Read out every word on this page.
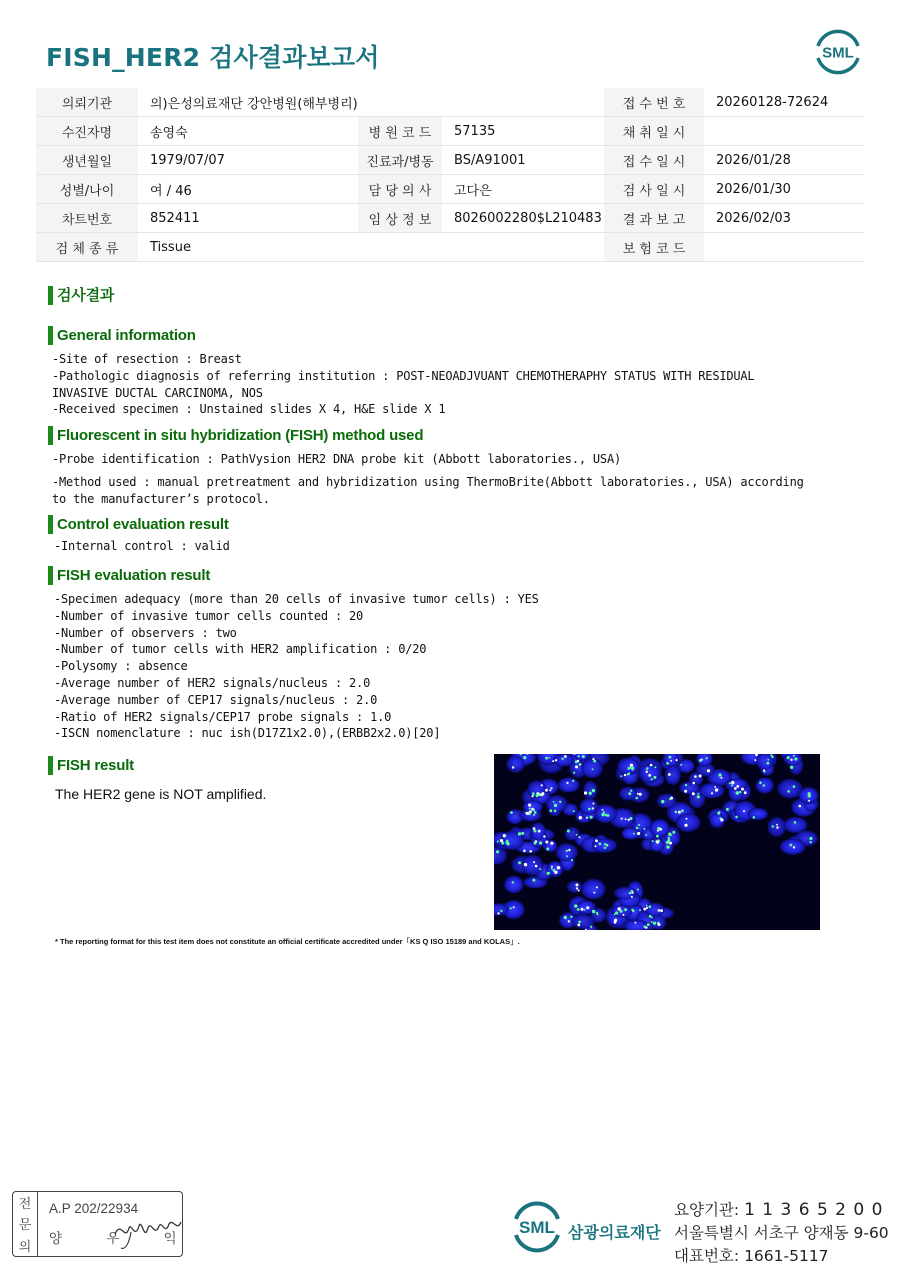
FISH_HER2 검사결과보고서	SML
의뢰기관	의)은성의료재단 강안병원(해부병리)			접 수 번 호	20260128-72624
수진자명	송영숙	병 원 코 드	57135	채 취 일 시	
생년월일	1979/07/07	진료과/병동	BS/A91001	접 수 일 시	2026/01/28
성별/나이	여 / 46	담 당 의 사	고다은	검 사 일 시	2026/01/30
차트번호	852411	임 상 정 보	8026002280$L210483	결 과 보 고	2026/02/03
검 체 종 류	Tissue			보 험 코 드	
검사결과
General information
-Site of resection : Breast
-Pathologic diagnosis of referring institution : POST-NEOADJVUANT CHEMOTHERAPHY STATUS WITH RESIDUAL
INVASIVE DUCTAL CARCINOMA, NOS
-Received specimen : Unstained slides X 4, H&E slide X 1
Fluorescent in situ hybridization (FISH) method used
-Probe identification : PathVysion HER2 DNA probe kit (Abbott laboratories., USA)
-Method used : manual pretreatment and hybridization using ThermoBrite(Abbott laboratories., USA) according
to the manufacturer’s protocol.
Control evaluation result
-Internal control : valid
FISH evaluation result
-Specimen adequacy (more than 20 cells of invasive tumor cells) : YES
-Number of invasive tumor cells counted : 20
-Number of observers : two
-Number of tumor cells with HER2 amplification : 0/20
-Polysomy : absence
-Average number of HER2 signals/nucleus : 2.0
-Average number of CEP17 signals/nucleus : 2.0
-Ratio of HER2 signals/CEP17 probe signals : 1.0
-ISCN nomenclature : nuc ish(D17Z1x2.0),(ERBB2x2.0)[20]
FISH result
The HER2 gene is NOT amplified.
* The reporting format for this test item does not constitute an official certificate accredited under「KS Q ISO 15189 and KOLAS」.
전
문
의
A.P 202/22934
양 우 익
SML 삼광의료재단
요양기관: 1 1 3 6 5 2 0 0
서울특별시 서초구 양재동 9-60
대표번호: 1661-5117
